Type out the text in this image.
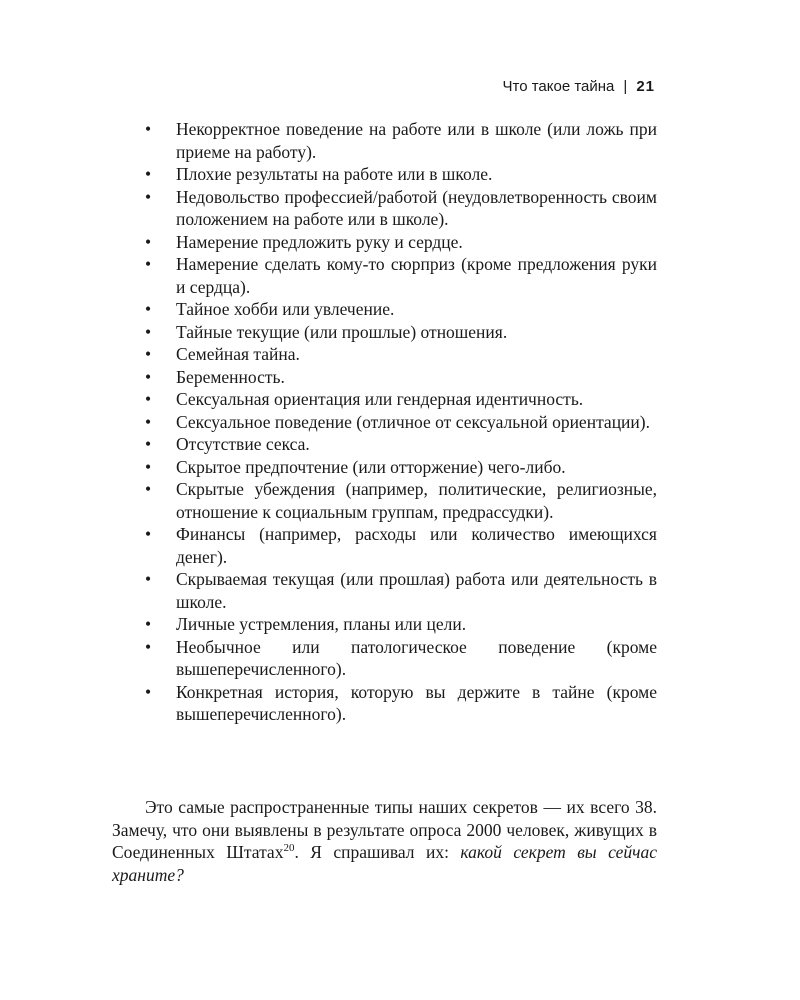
Что такое тайна | 21
• Некорректное поведение на работе или в школе (или ложь при приеме на работу).
• Плохие результаты на работе или в школе.
• Недовольство профессией/работой (неудовлетворенность своим положением на работе или в школе).
• Намерение предложить руку и сердце.
• Намерение сделать кому-то сюрприз (кроме предложения руки и сердца).
• Тайное хобби или увлечение.
• Тайные текущие (или прошлые) отношения.
• Семейная тайна.
• Беременность.
• Сексуальная ориентация или гендерная идентичность.
• Сексуальное поведение (отличное от сексуальной ориентации).
• Отсутствие секса.
• Скрытое предпочтение (или отторжение) чего-либо.
• Скрытые убеждения (например, политические, религиозные, отношение к социальным группам, предрассудки).
• Финансы (например, расходы или количество имеющихся денег).
• Скрываемая текущая (или прошлая) работа или деятельность в школе.
• Личные устремления, планы или цели.
• Необычное или патологическое поведение (кроме вышеперечисленного).
• Конкретная история, которую вы держите в тайне (кроме вышеперечисленного).

Это самые распространенные типы наших секретов — их всего 38. Замечу, что они выявлены в результате опроса 2000 человек, живущих в Соединенных Штатах$^{20}$. Я спрашивал их: какой секрет вы сейчас храните?
